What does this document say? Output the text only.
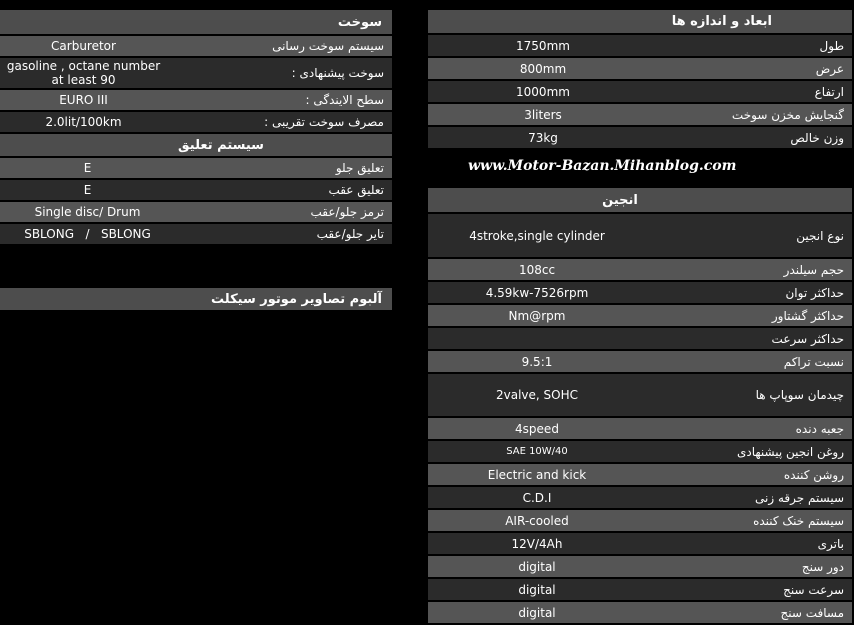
سوخت
Carburetor	سیستم سوخت رسانی
gasoline , octane number at least 90	سوخت پیشنهادی :
EURO III	سطح الایندگی :
2.0lit/100km	مصرف سوخت تقریبی :
سیستم تعلیق
E	تعلیق جلو
E	تعلیق عقب
Single disc/ Drum	ترمز جلو/عقب
SBLONG   /   SBLONG	تایر جلو/عقب
آلبوم تصاویر موتور سیکلت
ابعاد و اندازه ها
1750mm	طول
800mm	عرض
1000mm	ارتفاع
3liters	گنجایش مخزن سوخت
73kg	وزن خالص
www.Motor-Bazan.Mihanblog.com
انجین
4stroke,single cylinder	نوع انجین
108cc	حجم سیلندر
4.59kw-7526rpm	حداکثر توان
Nm@rpm	حداکثر گشتاور
حداکثر سرعت
9.5:1	نسبت تراکم
2valve, SOHC	چیدمان سوپاپ ها
4speed	جعبه دنده
SAE 10W/40	روغن انجین پیشنهادی
Electric and kick	روشن کننده
C.D.I	سیستم جرقه زنی
AIR-cooled	سیستم خنک کننده
12V/4Ah	باتری
digital	دور سنج
digital	سرعت سنج
digital	مسافت سنج
